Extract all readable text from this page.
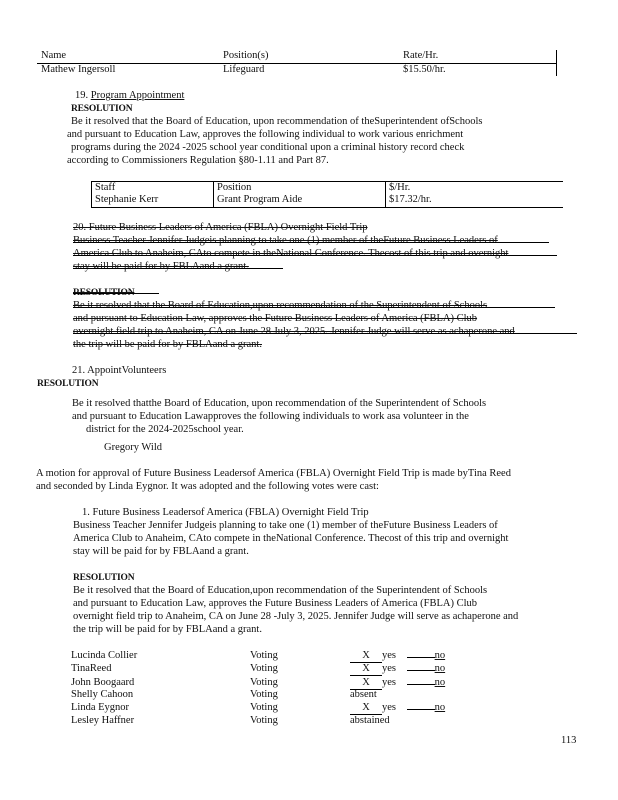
Name	Position(s)	Rate/Hr.
Mathew Ingersoll	Lifeguard	$15.50/hr.
19. Program Appointment
RESOLUTION
Be it resolved that the Board of Education, upon recommendation of theSuperintendent ofSchools
and pursuant to Education Law, approves the following individual to work various enrichment
programs during the 2024 -2025 school year conditional upon a criminal history record check
according to Commissioners Regulation §80-1.11 and Part 87.
Staff	Position	$/Hr.
Stephanie Kerr	Grant Program Aide	$17.32/hr.
20. Future Business Leaders of America (FBLA) Overnight Field Trip
Business Teacher Jennifer Judgeis planning to take one (1) member of theFuture Business Leaders of
America Club to Anaheim, CAto compete in theNational Conference. Thecost of this trip and overnight
stay will be paid for by FBLAand a grant.
RESOLUTION
Be it resolved that the Board of Education,upon recommendation of the Superintendent of Schools
and pursuant to Education Law, approves the Future Business Leaders of America (FBLA) Club
overnight field trip to Anaheim, CA on June 28 July 3, 2025. Jennifer Judge will serve as achaperone and
the trip will be paid for by FBLAand a grant.
21. AppointVolunteers
RESOLUTION
Be it resolved thatthe Board of Education, upon recommendation of the Superintendent of Schools
and pursuant to Education Lawapproves the following individuals to work asa volunteer in the
district for the 2024-2025school year.
Gregory Wild
A motion for approval of Future Business Leadersof America (FBLA) Overnight Field Trip is made byTina Reed
and seconded by Linda Eygnor. It was adopted and the following votes were cast:
1. Future Business Leadersof America (FBLA) Overnight Field Trip
Business Teacher Jennifer Judgeis planning to take one (1) member of theFuture Business Leaders of
America Club to Anaheim, CAto compete in theNational Conference. Thecost of this trip and overnight
stay will be paid for by FBLAand a grant.
RESOLUTION
Be it resolved that the Board of Education,upon recommendation of the Superintendent of Schools
and pursuant to Education Law, approves the Future Business Leaders of America (FBLA) Club
overnight field trip to Anaheim, CA on June 28 -July 3, 2025. Jennifer Judge will serve as achaperone and
the trip will be paid for by FBLAand a grant.
Lucinda Collier	Voting	X yes	no
TinaReed	Voting	X yes	no
John Boogaard	Voting	X yes	no
Shelly Cahoon	Voting	absent
Linda Eygnor	Voting	X yes	no
Lesley Haffner	Voting	abstained
113
